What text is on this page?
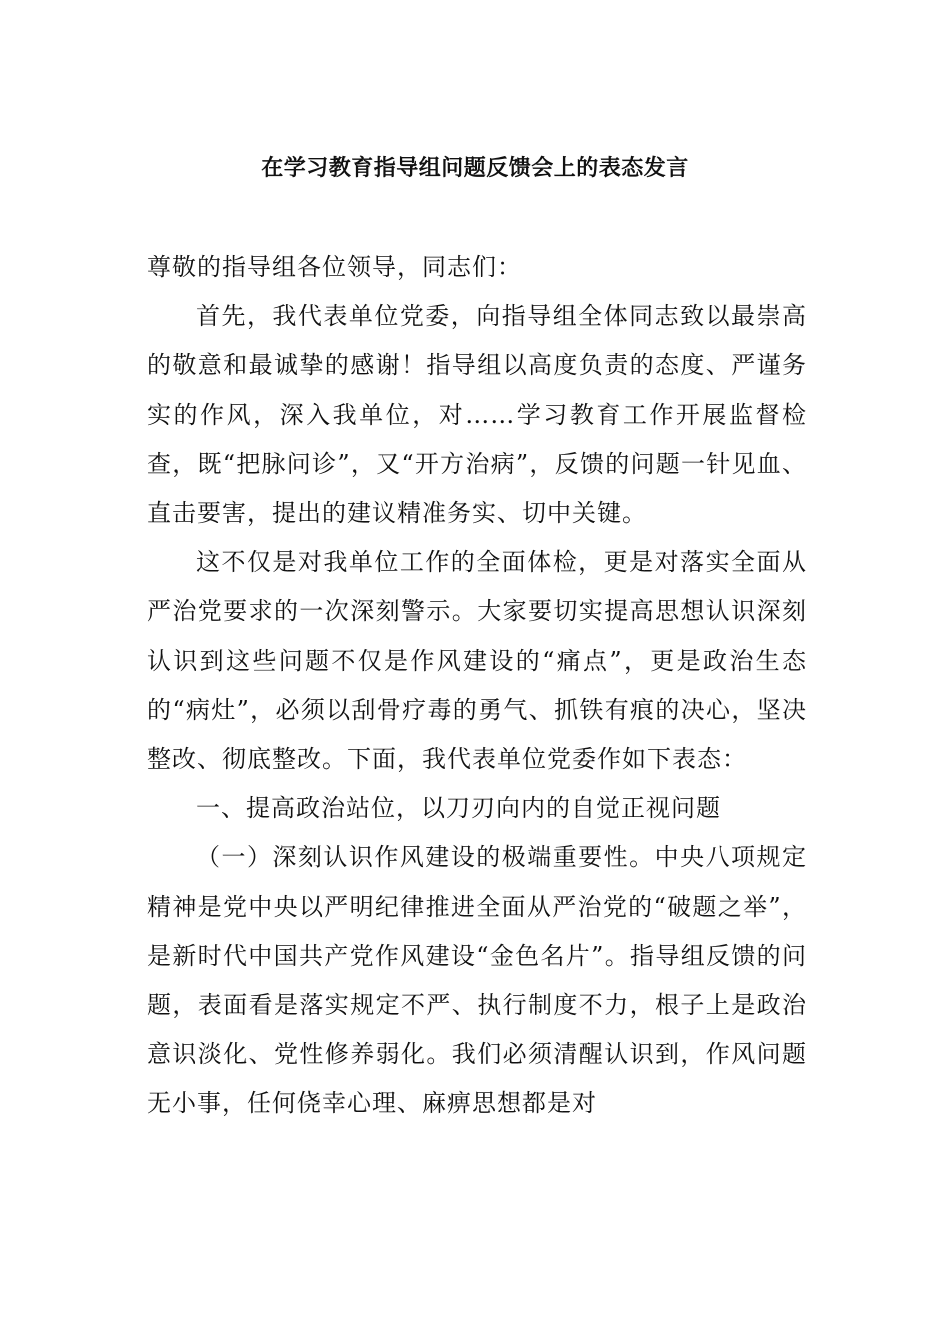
在学习教育指导组问题反馈会上的表态发言

尊敬的指导组各位领导，同志们：

首先，我代表单位党委，向指导组全体同志致以最崇高的敬意和最诚挚的感谢！指导组以高度负责的态度、严谨务实的作风，深入我单位，对……学习教育工作开展监督检查，既“把脉问诊”，又“开方治病”，反馈的问题一针见血、直击要害，提出的建议精准务实、切中关键。

这不仅是对我单位工作的全面体检，更是对落实全面从严治党要求的一次深刻警示。大家要切实提高思想认识深刻认识到这些问题不仅是作风建设的“痛点”，更是政治生态的“病灶”，必须以刮骨疗毒的勇气、抓铁有痕的决心，坚决整改、彻底整改。下面，我代表单位党委作如下表态：

一、提高政治站位，以刀刃向内的自觉正视问题

（一）深刻认识作风建设的极端重要性。中央八项规定精神是党中央以严明纪律推进全面从严治党的“破题之举”，是新时代中国共产党作风建设“金色名片”。指导组反馈的问题，表面看是落实规定不严、执行制度不力，根子上是政治意识淡化、党性修养弱化。我们必须清醒认识到，作风问题无小事，任何侥幸心理、麻痹思想都是对
